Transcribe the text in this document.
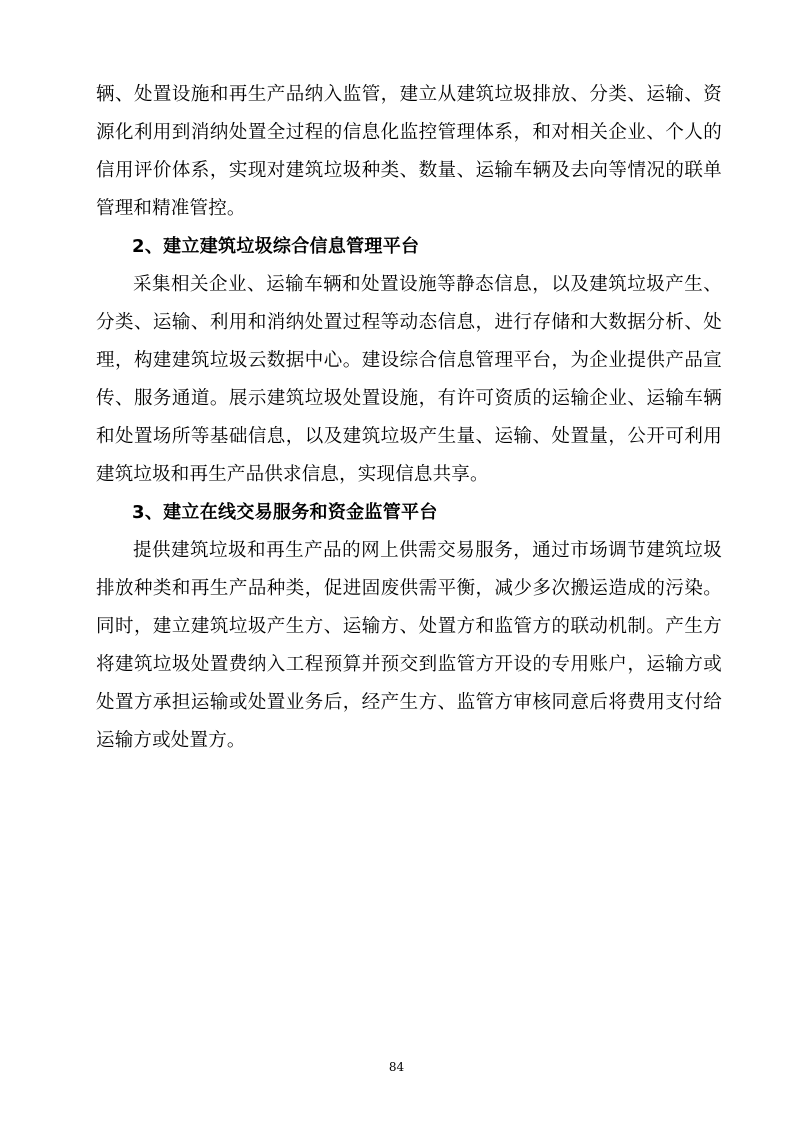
辆、处置设施和再生产品纳入监管，建立从建筑垃圾排放、分类、运输、资源化利用到消纳处置全过程的信息化监控管理体系，和对相关企业、个人的信用评价体系，实现对建筑垃圾种类、数量、运输车辆及去向等情况的联单管理和精准管控。

2、建立建筑垃圾综合信息管理平台

采集相关企业、运输车辆和处置设施等静态信息，以及建筑垃圾产生、分类、运输、利用和消纳处置过程等动态信息，进行存储和大数据分析、处理，构建建筑垃圾云数据中心。建设综合信息管理平台，为企业提供产品宣传、服务通道。展示建筑垃圾处置设施，有许可资质的运输企业、运输车辆和处置场所等基础信息，以及建筑垃圾产生量、运输、处置量，公开可利用建筑垃圾和再生产品供求信息，实现信息共享。

3、建立在线交易服务和资金监管平台

提供建筑垃圾和再生产品的网上供需交易服务，通过市场调节建筑垃圾排放种类和再生产品种类，促进固废供需平衡，减少多次搬运造成的污染。同时，建立建筑垃圾产生方、运输方、处置方和监管方的联动机制。产生方将建筑垃圾处置费纳入工程预算并预交到监管方开设的专用账户，运输方或处置方承担运输或处置业务后，经产生方、监管方审核同意后将费用支付给运输方或处置方。

84
